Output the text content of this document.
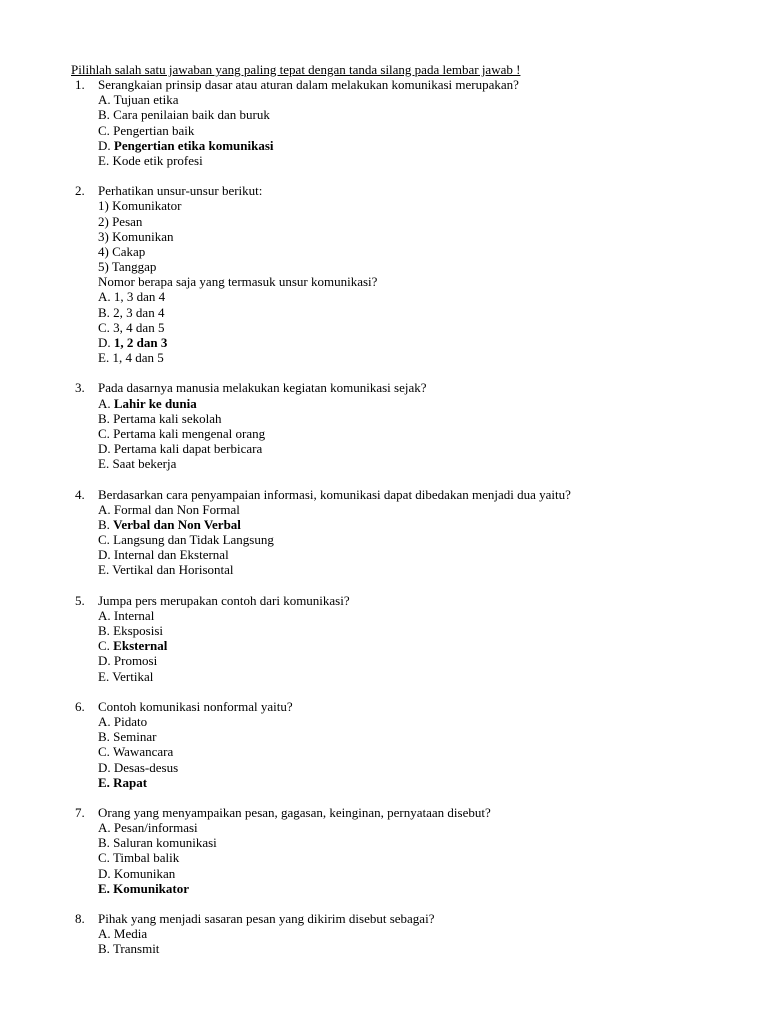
Pilihlah salah satu jawaban yang paling tepat dengan tanda silang pada lembar jawab !
1. Serangkaian prinsip dasar atau aturan dalam melakukan komunikasi merupakan?
A. Tujuan etika
B. Cara penilaian baik dan buruk
C. Pengertian baik
D. Pengertian etika komunikasi
E. Kode etik profesi
2. Perhatikan unsur-unsur berikut:
1) Komunikator
2) Pesan
3) Komunikan
4) Cakap
5) Tanggap
Nomor berapa saja yang termasuk unsur komunikasi?
A. 1, 3 dan 4
B. 2, 3 dan 4
C. 3, 4 dan 5
D. 1, 2 dan 3
E. 1, 4 dan 5
3. Pada dasarnya manusia melakukan kegiatan komunikasi sejak?
A. Lahir ke dunia
B. Pertama kali sekolah
C. Pertama kali mengenal orang
D. Pertama kali dapat berbicara
E. Saat bekerja
4. Berdasarkan cara penyampaian informasi, komunikasi dapat dibedakan menjadi dua yaitu?
A. Formal dan Non Formal
B. Verbal dan Non Verbal
C. Langsung dan Tidak Langsung
D. Internal dan Eksternal
E. Vertikal dan Horisontal
5. Jumpa pers merupakan contoh dari komunikasi?
A. Internal
B. Eksposisi
C. Eksternal
D. Promosi
E. Vertikal
6. Contoh komunikasi nonformal yaitu?
A. Pidato
B. Seminar
C. Wawancara
D. Desas-desus
E. Rapat
7. Orang yang menyampaikan pesan, gagasan, keinginan, pernyataan disebut?
A. Pesan/informasi
B. Saluran komunikasi
C. Timbal balik
D. Komunikan
E. Komunikator
8. Pihak yang menjadi sasaran pesan yang dikirim disebut sebagai?
A. Media
B. Transmit
